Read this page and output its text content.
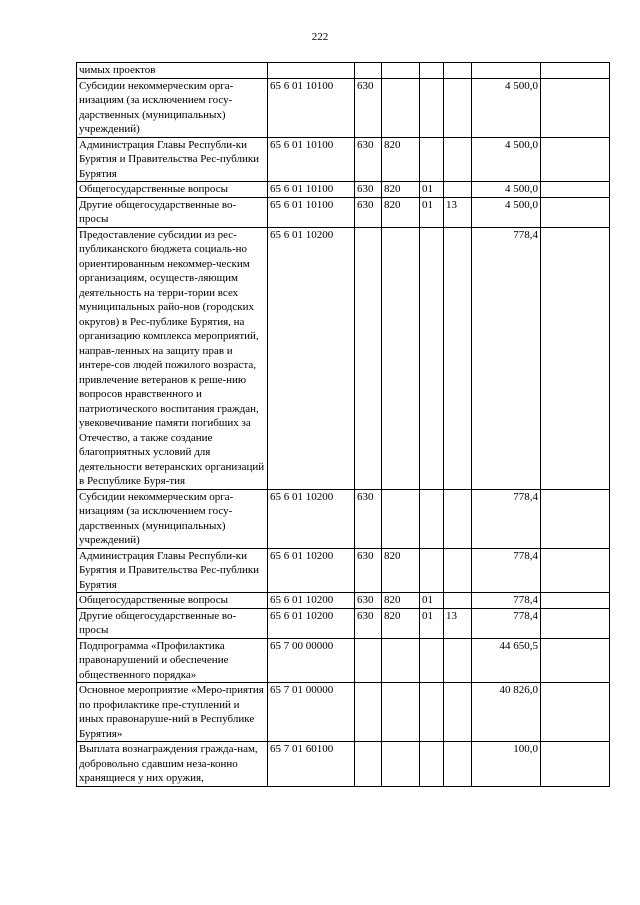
222
чимых проектов							
Субсидии некоммерческим орга-низациям (за исключением госу-дарственных (муниципальных) учреждений)	65 6 01 10100	630				4 500,0	
Администрация Главы Республи-ки Бурятия и Правительства Рес-публики Бурятия	65 6 01 10100	630	820			4 500,0	
Общегосударственные вопросы	65 6 01 10100	630	820	01		4 500,0	
Другие общегосударственные во-просы	65 6 01 10100	630	820	01	13	4 500,0	
Предоставление субсидии из рес-публиканского бюджета социаль-но ориентированным некоммер-ческим организациям, осуществ-ляющим деятельность на терри-тории всех муниципальных райо-нов (городских округов) в Рес-публике Бурятия, на организацию комплекса мероприятий, направ-ленных на защиту прав и интере-сов людей пожилого возраста, привлечение ветеранов к реше-нию вопросов нравственного и патриотического воспитания граждан, увековечивание памяти погибших за Отечество, а также создание благоприятных условий для деятельности ветеранских организаций в Республике Буря-тия	65 6 01 10200					778,4	
Субсидии некоммерческим орга-низациям (за исключением госу-дарственных (муниципальных) учреждений)	65 6 01 10200	630				778,4	
Администрация Главы Республи-ки Бурятия и Правительства Рес-публики Бурятия	65 6 01 10200	630	820			778,4	
Общегосударственные вопросы	65 6 01 10200	630	820	01		778,4	
Другие общегосударственные во-просы	65 6 01 10200	630	820	01	13	778,4	
Подпрограмма «Профилактика правонарушений и обеспечение общественного порядка»	65 7 00 00000					44 650,5	
Основное мероприятие «Меро-приятия по профилактике пре-ступлений и иных правонаруше-ний в Республике Бурятия»	65 7 01 00000					40 826,0	
Выплата вознаграждения гражда-нам, добровольно сдавшим неза-конно хранящиеся у них оружия,	65 7 01 60100					100,0	
